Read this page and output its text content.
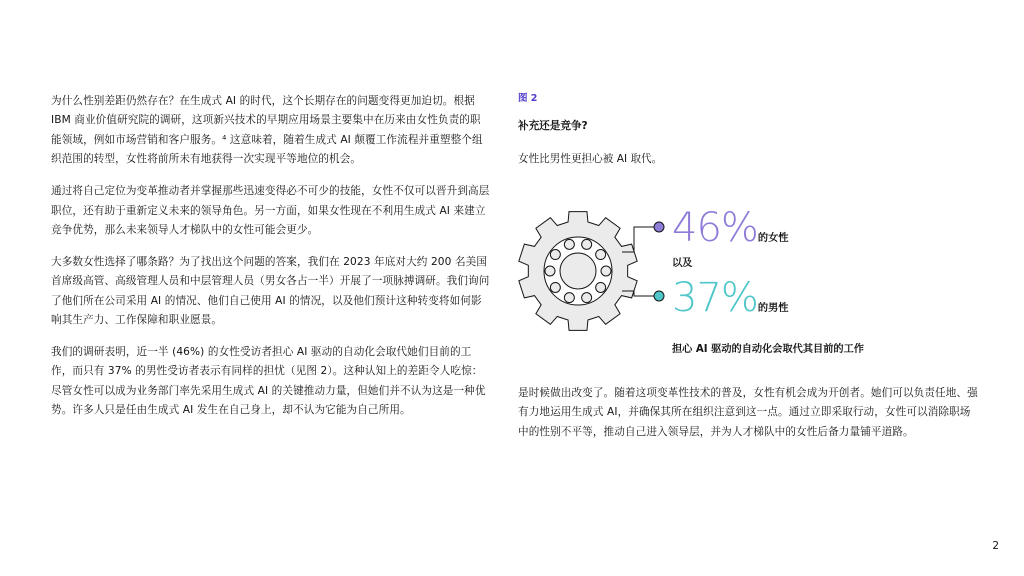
为什么性别差距仍然存在？在生成式 AI 的时代，这个长期存在的问题变得更加迫切。根据 IBM 商业价值研究院的调研，这项新兴技术的早期应用场景主要集中在历来由女性负责的职能领域，例如市场营销和客户服务。⁴ 这意味着，随着生成式 AI 颠覆工作流程并重塑整个组织范围的转型，女性将前所未有地获得一次实现平等地位的机会。

通过将自己定位为变革推动者并掌握那些迅速变得必不可少的技能，女性不仅可以晋升到高层职位，还有助于重新定义未来的领导角色。另一方面，如果女性现在不利用生成式 AI 来建立竞争优势，那么未来领导人才梯队中的女性可能会更少。

大多数女性选择了哪条路？为了找出这个问题的答案，我们在 2023 年底对大约 200 名美国首席级高管、高级管理人员和中层管理人员（男女各占一半）开展了一项脉搏调研。我们询问了他们所在公司采用 AI 的情况、他们自己使用 AI 的情况，以及他们预计这种转变将如何影响其生产力、工作保障和职业愿景。

我们的调研表明，近一半 (46%) 的女性受访者担心 AI 驱动的自动化会取代她们目前的工作，而只有 37% 的男性受访者表示有同样的担忧（见图 2）。这种认知上的差距令人吃惊：尽管女性可以成为业务部门率先采用生成式 AI 的关键推动力量，但她们并不认为这是一种优势。许多人只是任由生成式 AI 发生在自己身上，却不认为它能为自己所用。

图 2

补充还是竞争?

女性比男性更担心被 AI 取代。

46%的女性
以及
37%的男性
担心 AI 驱动的自动化会取代其目前的工作

是时候做出改变了。随着这项变革性技术的普及，女性有机会成为开创者。她们可以负责任地、强有力地运用生成式 AI，并确保其所在组织注意到这一点。通过立即采取行动，女性可以消除职场中的性别不平等，推动自己进入领导层，并为人才梯队中的女性后备力量铺平道路。

2
